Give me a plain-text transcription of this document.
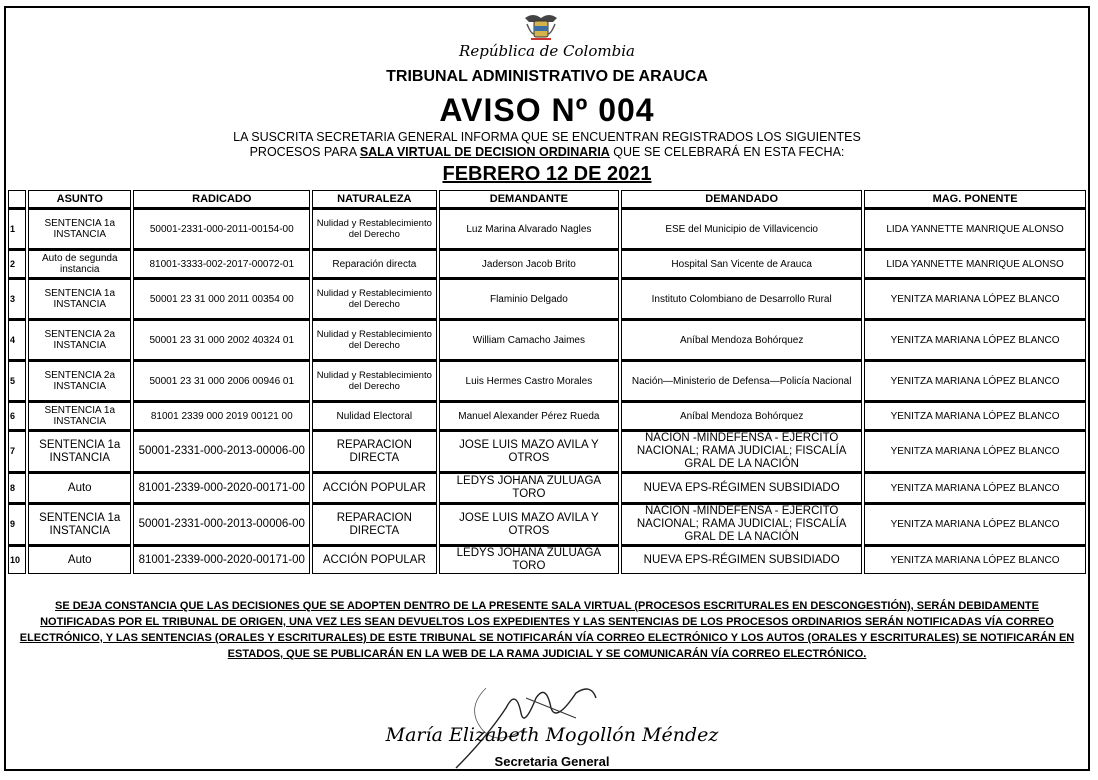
República de Colombia
TRIBUNAL ADMINISTRATIVO DE ARAUCA
AVISO Nº 004
LA SUSCRITA SECRETARIA GENERAL INFORMA QUE SE ENCUENTRAN REGISTRADOS LOS SIGUIENTES
PROCESOS PARA SALA VIRTUAL DE DECISION ORDINARIA QUE SE CELEBRARÁ EN ESTA FECHA:
FEBRERO 12 DE 2021
	ASUNTO	RADICADO	NATURALEZA	DEMANDANTE	DEMANDADO	MAG. PONENTE
1	SENTENCIA 1a INSTANCIA	50001-2331-000-2011-00154-00	Nulidad y Restablecimiento del Derecho	Luz Marina Alvarado Nagles	ESE del Municipio de Villavicencio	LIDA YANNETTE MANRIQUE ALONSO
2	Auto de segunda instancia	81001-3333-002-2017-00072-01	Reparación directa	Jaderson Jacob Brito	Hospital San Vicente de Arauca	LIDA YANNETTE MANRIQUE ALONSO
3	SENTENCIA 1a INSTANCIA	50001 23 31 000 2011 00354 00	Nulidad y Restablecimiento del Derecho	Flaminio Delgado	Instituto Colombiano de Desarrollo Rural	YENITZA MARIANA LÓPEZ BLANCO
4	SENTENCIA 2a INSTANCIA	50001 23 31 000 2002 40324 01	Nulidad y Restablecimiento del Derecho	William Camacho Jaimes	Aníbal Mendoza Bohórquez	YENITZA MARIANA LÓPEZ BLANCO
5	SENTENCIA 2a INSTANCIA	50001 23 31 000 2006 00946 01	Nulidad y Restablecimiento del Derecho	Luis Hermes Castro Morales	Nación—Ministerio de Defensa—Policía Nacional	YENITZA MARIANA LÓPEZ BLANCO
6	SENTENCIA 1a INSTANCIA	81001 2339 000 2019 00121 00	Nulidad Electoral	Manuel Alexander Pérez Rueda	Aníbal Mendoza Bohórquez	YENITZA MARIANA LÓPEZ BLANCO
7	SENTENCIA 1a INSTANCIA	50001-2331-000-2013-00006-00	REPARACION DIRECTA	JOSE LUIS MAZO AVILA Y OTROS	NACION -MINDEFENSA - EJERCITO NACIONAL; RAMA JUDICIAL; FISCALÍA GRAL DE LA NACIÓN	YENITZA MARIANA LÓPEZ BLANCO
8	Auto	81001-2339-000-2020-00171-00	ACCIÓN POPULAR	LEDYS JOHANA ZULUAGA TORO	NUEVA EPS-RÉGIMEN SUBSIDIADO	YENITZA MARIANA LÓPEZ BLANCO
9	SENTENCIA 1a INSTANCIA	50001-2331-000-2013-00006-00	REPARACION DIRECTA	JOSE LUIS MAZO AVILA Y OTROS	NACION -MINDEFENSA - EJERCITO NACIONAL; RAMA JUDICIAL; FISCALÍA GRAL DE LA NACIÓN	YENITZA MARIANA LÓPEZ BLANCO
10	Auto	81001-2339-000-2020-00171-00	ACCIÓN POPULAR	LEDYS JOHANA ZULUAGA TORO	NUEVA EPS-RÉGIMEN SUBSIDIADO	YENITZA MARIANA LÓPEZ BLANCO
SE DEJA CONSTANCIA QUE LAS DECISIONES QUE SE ADOPTEN DENTRO DE LA PRESENTE SALA VIRTUAL (PROCESOS ESCRITURALES EN DESCONGESTIÓN), SERÁN DEBIDAMENTE NOTIFICADAS POR EL TRIBUNAL DE ORIGEN, UNA VEZ LES SEAN DEVUELTOS LOS EXPEDIENTES Y LAS SENTENCIAS DE LOS PROCESOS ORDINARIOS SERÁN NOTIFICADAS VÍA CORREO ELECTRÓNICO, Y LAS SENTENCIAS (ORALES Y ESCRITURALES) DE ESTE TRIBUNAL SE NOTIFICARÁN VÍA CORREO ELECTRÓNICO Y LOS AUTOS (ORALES Y ESCRITURALES) SE NOTIFICARÁN EN ESTADOS, QUE SE PUBLICARÁN EN LA WEB DE LA RAMA JUDICIAL Y SE COMUNICARÁN VÍA CORREO ELECTRÓNICO.
María Elizabeth Mogollón Méndez
Secretaria General
